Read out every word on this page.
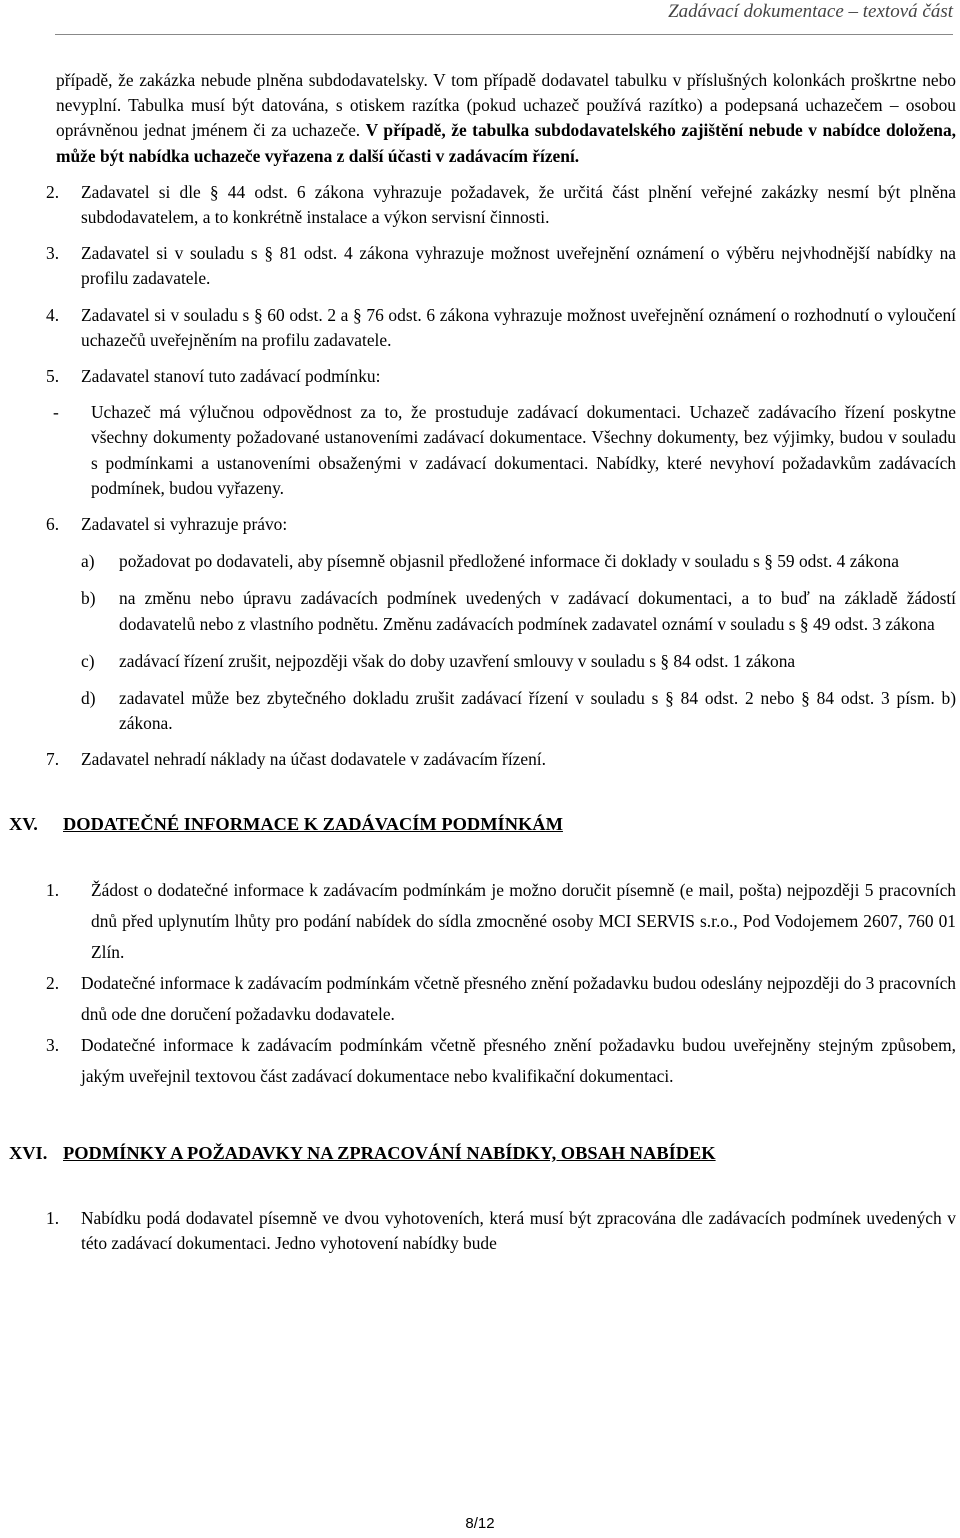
Zadávací dokumentace – textová část

případě, že zakázka nebude plněna subdodavatelsky. V tom případě dodavatel tabulku v příslušných kolonkách proškrtne nebo nevyplní. Tabulka musí být datována, s otiskem razítka (pokud uchazeč používá razítko) a podepsaná uchazečem – osobou oprávněnou jednat jménem či za uchazeče. V případě, že tabulka subdodavatelského zajištění nebude v nabídce doložena, může být nabídka uchazeče vyřazena z další účasti v zadávacím řízení.

2.	Zadavatel si dle § 44 odst. 6 zákona vyhrazuje požadavek, že určitá část plnění veřejné zakázky nesmí být plněna subdodavatelem, a to konkrétně instalace a výkon servisní činnosti.
3.	Zadavatel si v souladu s § 81 odst. 4 zákona vyhrazuje možnost uveřejnění oznámení o výběru nejvhodnější nabídky na profilu zadavatele.
4.	Zadavatel si v souladu s § 60 odst. 2 a § 76 odst. 6 zákona vyhrazuje možnost uveřejnění oznámení o rozhodnutí o vyloučení uchazečů uveřejněním na profilu zadavatele.
5.	Zadavatel stanoví tuto zadávací podmínku:
-	Uchazeč má výlučnou odpovědnost za to, že prostuduje zadávací dokumentaci. Uchazeč zadávacího řízení poskytne všechny dokumenty požadované ustanoveními zadávací dokumentace. Všechny dokumenty, bez výjimky, budou v souladu s podmínkami a ustanoveními obsaženými v zadávací dokumentaci. Nabídky, které nevyhoví požadavkům zadávacích podmínek, budou vyřazeny.
6.	Zadavatel si vyhrazuje právo:
a)	požadovat po dodavateli, aby písemně objasnil předložené informace či doklady v souladu s § 59 odst. 4 zákona
b)	na změnu nebo úpravu zadávacích podmínek uvedených v zadávací dokumentaci, a to buď na základě žádostí dodavatelů nebo z vlastního podnětu. Změnu zadávacích podmínek zadavatel oznámí v souladu s § 49 odst. 3 zákona
c)	zadávací řízení zrušit, nejpozději však do doby uzavření smlouvy v souladu s § 84 odst. 1 zákona
d)	zadavatel může bez zbytečného dokladu zrušit zadávací řízení v souladu s § 84 odst. 2 nebo § 84 odst. 3 písm. b) zákona.
7.	Zadavatel nehradí náklady na účast dodavatele v zadávacím řízení.
XV.	DODATEČNÉ INFORMACE K ZADÁVACÍM PODMÍNKÁM
1.	Žádost o dodatečné informace k zadávacím podmínkám je možno doručit písemně (e mail, pošta) nejpozději 5 pracovních dnů před uplynutím lhůty pro podání nabídek do sídla zmocněné osoby MCI SERVIS s.r.o., Pod Vodojemem 2607, 760 01 Zlín.
2.	Dodatečné informace k zadávacím podmínkám včetně přesného znění požadavku budou odeslány nejpozději do 3 pracovních dnů ode dne doručení požadavku dodavatele.
3.	Dodatečné informace k zadávacím podmínkám včetně přesného znění požadavku budou uveřejněny stejným způsobem, jakým uveřejnil textovou část zadávací dokumentace nebo kvalifikační dokumentaci.
XVI. PODMÍNKY A POŽADAVKY NA ZPRACOVÁNÍ NABÍDKY, OBSAH NABÍDEK
1.	Nabídku podá dodavatel písemně ve dvou vyhotoveních, která musí být zpracována dle zadávacích podmínek uvedených v této zadávací dokumentaci. Jedno vyhotovení nabídky bude
8/12
